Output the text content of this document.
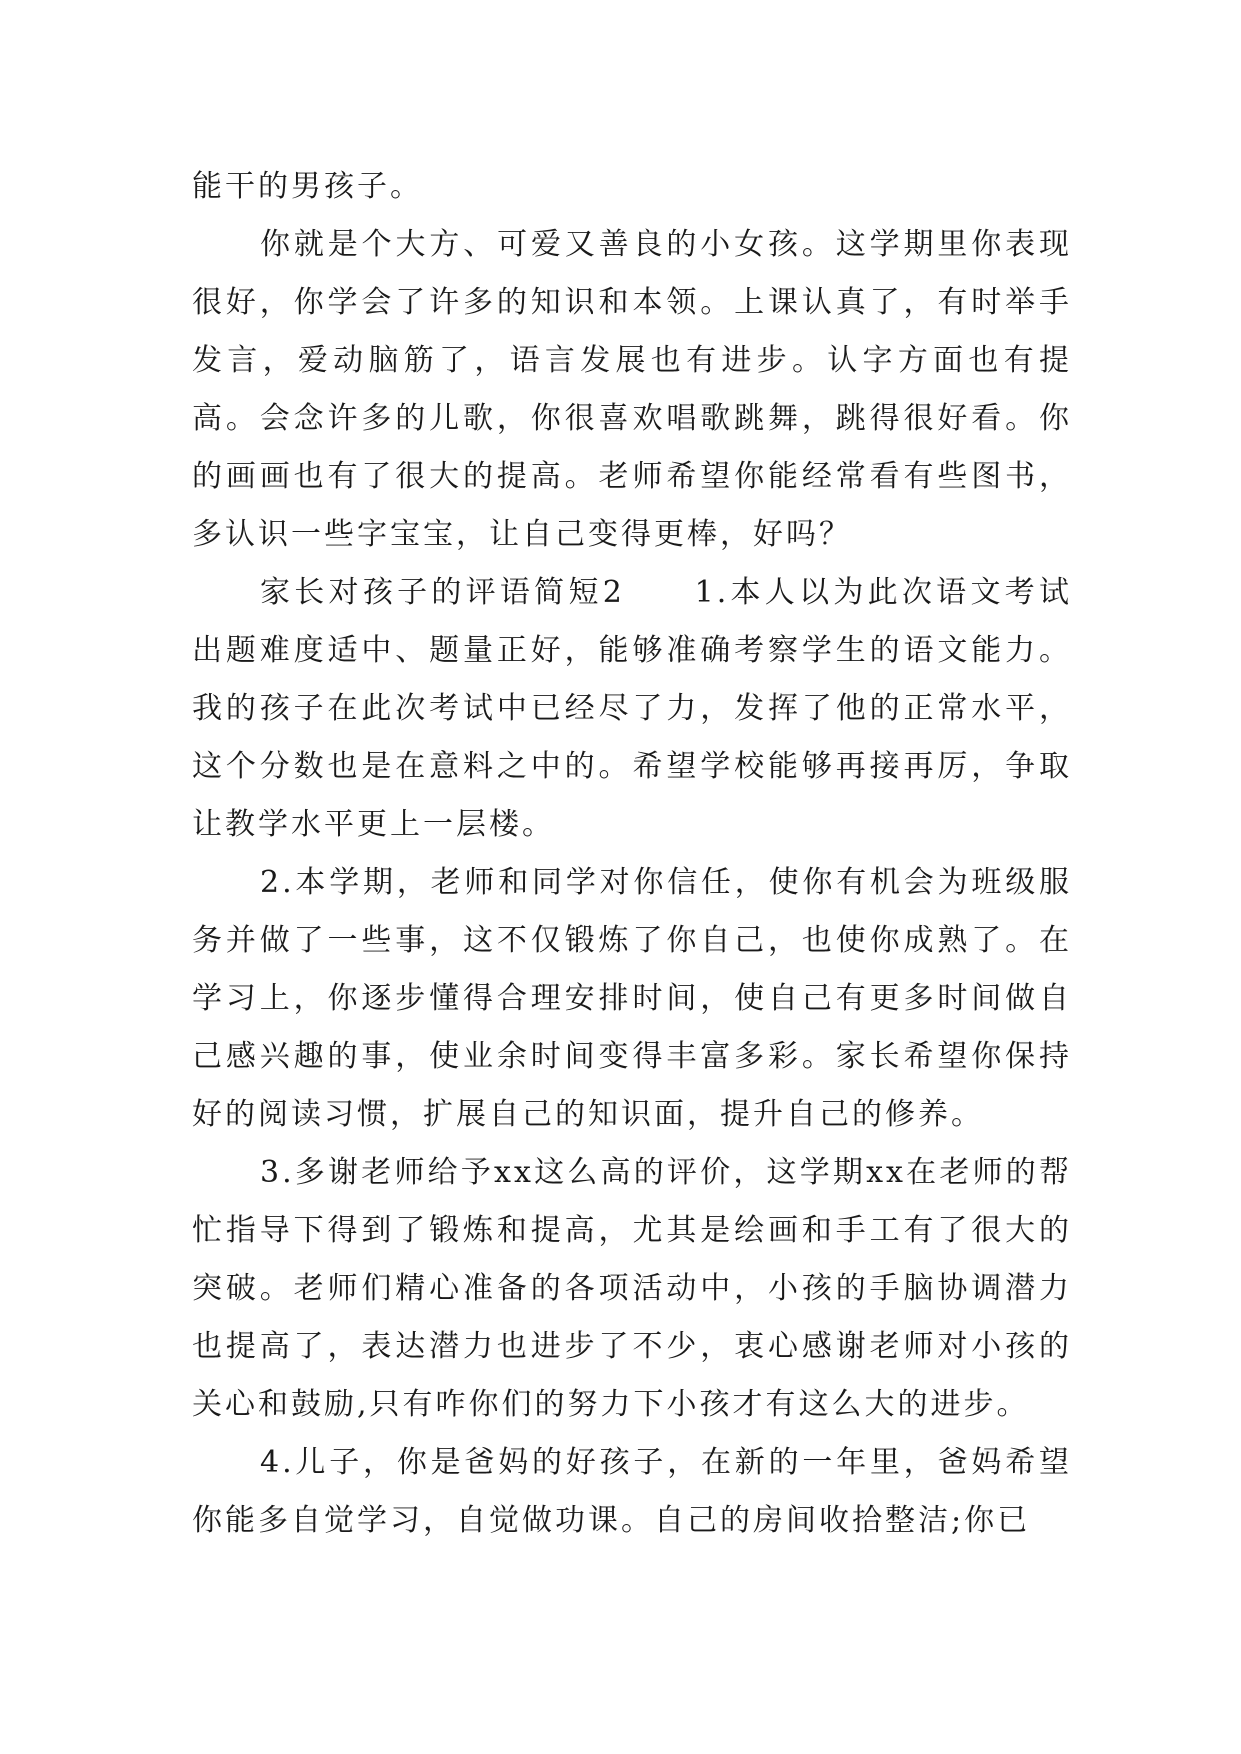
能干的男孩子。

你就是个大方、可爱又善良的小女孩。这学期里你表现很好，你学会了许多的知识和本领。上课认真了，有时举手发言，爱动脑筋了，语言发展也有进步。认字方面也有提高。会念许多的儿歌，你很喜欢唱歌跳舞，跳得很好看。你的画画也有了很大的提高。老师希望你能经常看有些图书，多认识一些字宝宝，让自己变得更棒，好吗？

家长对孩子的评语简短2　　1.本人以为此次语文考试出题难度适中、题量正好，能够准确考察学生的语文能力。我的孩子在此次考试中已经尽了力，发挥了他的正常水平，这个分数也是在意料之中的。希望学校能够再接再厉，争取让教学水平更上一层楼。

2.本学期，老师和同学对你信任，使你有机会为班级服务并做了一些事，这不仅锻炼了你自己，也使你成熟了。在学习上，你逐步懂得合理安排时间，使自己有更多时间做自己感兴趣的事，使业余时间变得丰富多彩。家长希望你保持好的阅读习惯，扩展自己的知识面，提升自己的修养。

3.多谢老师给予xx这么高的评价，这学期xx在老师的帮忙指导下得到了锻炼和提高，尤其是绘画和手工有了很大的突破。老师们精心准备的各项活动中，小孩的手脑协调潜力也提高了，表达潜力也进步了不少，衷心感谢老师对小孩的关心和鼓励,只有咋你们的努力下小孩才有这么大的进步。

4.儿子，你是爸妈的好孩子，在新的一年里，爸妈希望你能多自觉学习，自觉做功课。自己的房间收拾整洁;你已
